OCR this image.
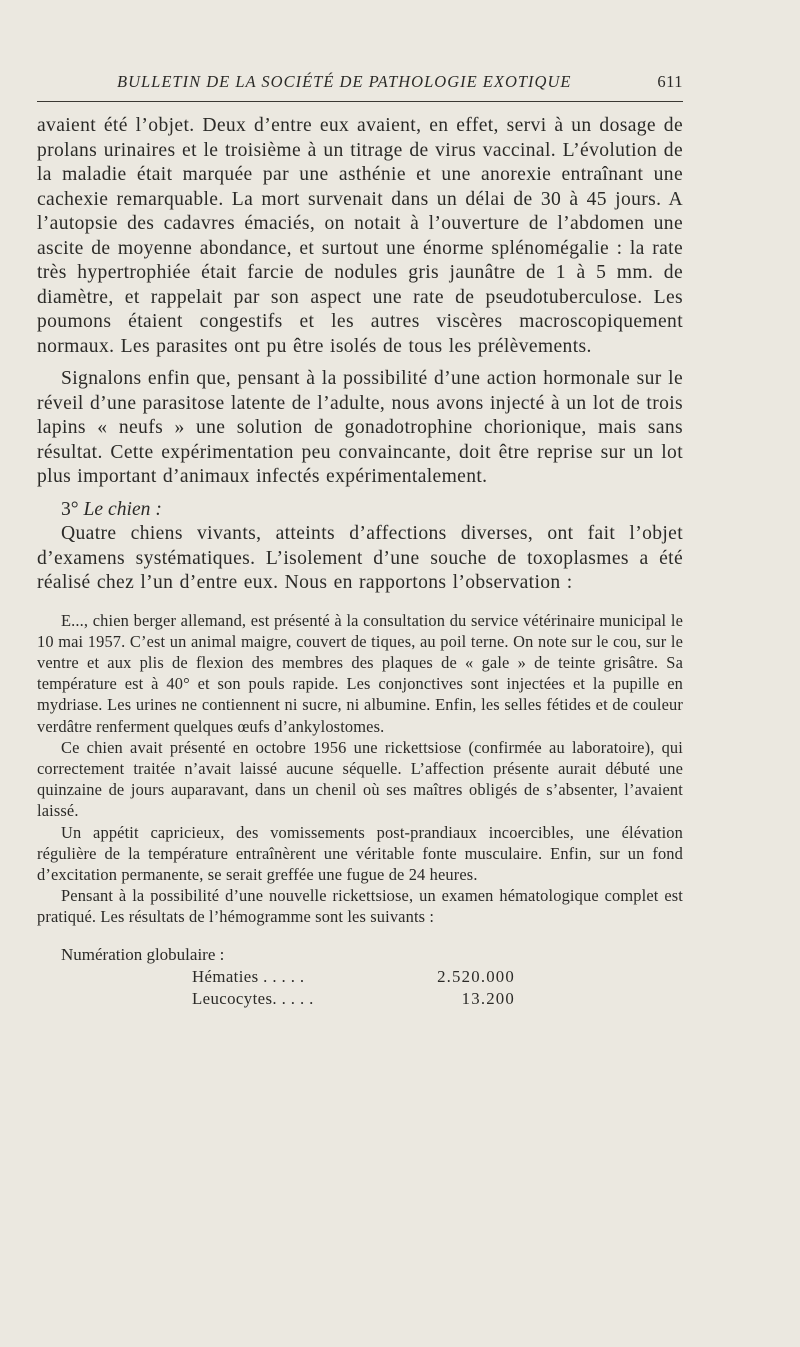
BULLETIN DE LA SOCIÉTÉ DE PATHOLOGIE EXOTIQUE	611

avaient été l’objet. Deux d’entre eux avaient, en effet, servi à un dosage de prolans urinaires et le troisième à un titrage de virus vaccinal. L’évolution de la maladie était marquée par une asthénie et une anorexie entraînant une cachexie remarquable. La mort survenait dans un délai de 30 à 45 jours. A l’autopsie des cadavres émaciés, on notait à l’ouverture de l’abdomen une ascite de moyenne abondance, et surtout une énorme splénomégalie : la rate très hypertrophiée était farcie de nodules gris jaunâtre de 1 à 5 mm. de diamètre, et rappelait par son aspect une rate de pseudotuberculose. Les poumons étaient congestifs et les autres viscères macroscopiquement normaux. Les parasites ont pu être isolés de tous les prélèvements.

Signalons enfin que, pensant à la possibilité d’une action hormonale sur le réveil d’une parasitose latente de l’adulte, nous avons injecté à un lot de trois lapins « neufs » une solution de gonadotrophine chorionique, mais sans résultat. Cette expérimentation peu convaincante, doit être reprise sur un lot plus important d’animaux infectés expérimentalement.

3° Le chien :

Quatre chiens vivants, atteints d’affections diverses, ont fait l’objet d’examens systématiques. L’isolement d’une souche de toxoplasmes a été réalisé chez l’un d’entre eux. Nous en rapportons l’observation :

E..., chien berger allemand, est présenté à la consultation du service vétérinaire municipal le 10 mai 1957. C’est un animal maigre, couvert de tiques, au poil terne. On note sur le cou, sur le ventre et aux plis de flexion des membres des plaques de « gale » de teinte grisâtre. Sa température est à 40° et son pouls rapide. Les conjonctives sont injectées et la pupille en mydriase. Les urines ne contiennent ni sucre, ni albumine. Enfin, les selles fétides et de couleur verdâtre renferment quelques œufs d’ankylostomes.

Ce chien avait présenté en octobre 1956 une rickettsiose (confirmée au laboratoire), qui correctement traitée n’avait laissé aucune séquelle. L’affection présente aurait débuté une quinzaine de jours auparavant, dans un chenil où ses maîtres obligés de s’absenter, l’avaient laissé.

Un appétit capricieux, des vomissements post-prandiaux incoercibles, une élévation régulière de la température entraînèrent une véritable fonte musculaire. Enfin, sur un fond d’excitation permanente, se serait greffée une fugue de 24 heures.

Pensant à la possibilité d’une nouvelle rickettsiose, un examen hématologique complet est pratiqué. Les résultats de l’hémogramme sont les suivants :

Numération globulaire :

Hématies . . . . .	2.520.000
Leucocytes. . . . .	13.200
